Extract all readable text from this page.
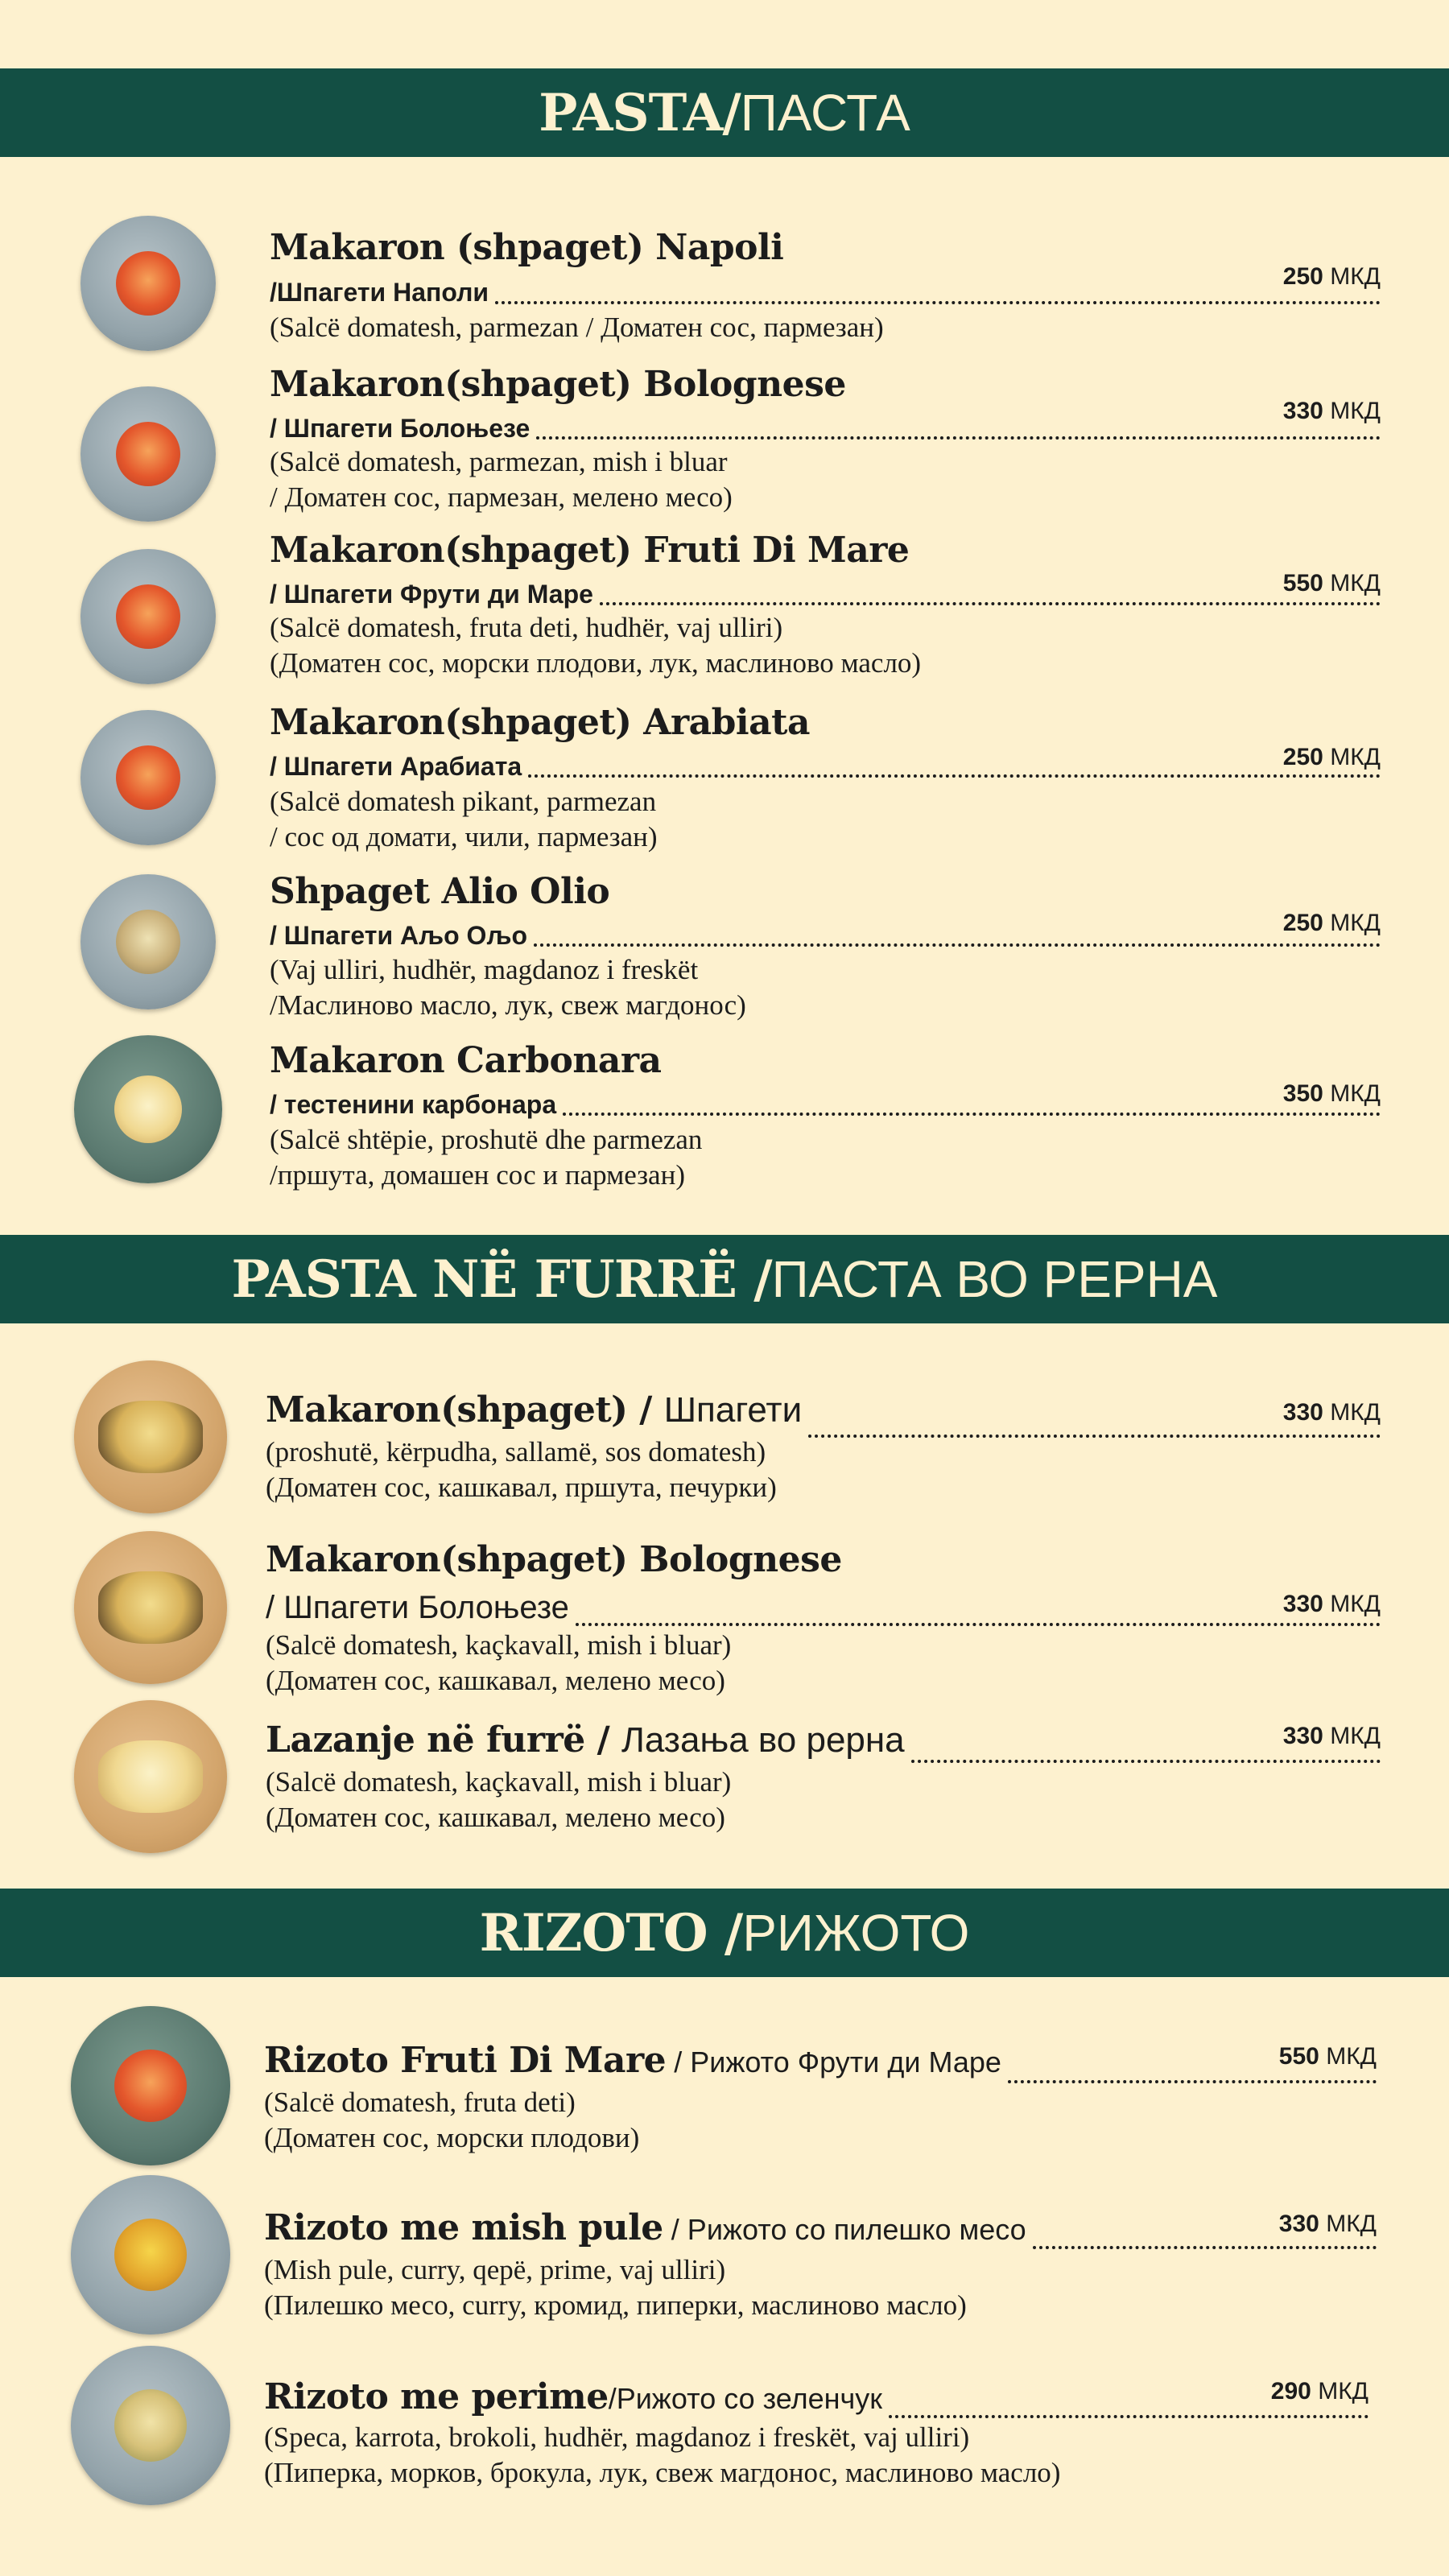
PASTA/ ПАСТА
Makaron (shpaget) Napoli
/Шпагети Наполи
250 МКД
(Salcë domatesh, parmezan / Доматен сос, пармезан)
Makaron(shpaget) Bolognese
/ Шпагети Болоњезе
330 МКД
(Salcë domatesh, parmezan, mish i bluar
/ Доматен сос, пармезан, мелено месо)
Makaron(shpaget) Fruti Di Mare
/ Шпагети Фрути ди Маре	550 МКД
(Salcë domatesh, fruta deti, hudhër, vaj ulliri)
(Доматен сос, морски плодови, лук, маслиново масло)
Makaron(shpaget) Arabiata
/ Шпагети Арабиата	250 МКД
(Salcë domatesh pikant, parmezan
/ сос од домати, чили, пармезан)
Shpaget Alio Olio
/ Шпагети Аљо Ољо	250 МКД
(Vaj ulliri, hudhër, magdanoz i freskët
/Маслиново масло, лук, свеж магдонос)
Makaron Carbonara
/ тестенини карбонара	350 МКД
(Salcë shtëpie, proshutë dhe parmezan
/пршута, домашен сос и пармезан)
PASTA NË FURRË / ПАСТА ВО РЕРНА
Makaron(shpaget) / Шпагети	330 МКД
(proshutë, kërpudha, sallamë, sos domatesh)
(Доматен сос, кашкавал, пршута, печурки)
Makaron(shpaget) Bolognese
/ Шпагети Болоњезе	330 МКД
(Salcë domatesh, kaçkavall, mish i bluar)
(Доматен сос, кашкавал, мелено месо)
Lazanje në furrë / Лазања во рерна	330 МКД
(Salcë domatesh, kaçkavall, mish i bluar)
(Доматен сос, кашкавал, мелено месо)
RIZOTO / РИЖОТО
Rizoto Fruti Di Mare / Рижото Фрути ди Маре	550 МКД
(Salcë domatesh, fruta deti)
(Доматен сос, морски плодови)
Rizoto me mish pule / Рижото со пилешко месо	330 МКД
(Mish pule, curry, qepë, prime, vaj ulliri)
(Пилешко месо, curry, кромид, пиперки, маслиново масло)
Rizoto me perime/Рижото со зеленчук	290 МКД
(Speca, karrota, brokoli, hudhër, magdanoz i freskët, vaj ulliri)
(Пиперка, морков, брокула, лук, свеж магдонос, маслиново масло)
